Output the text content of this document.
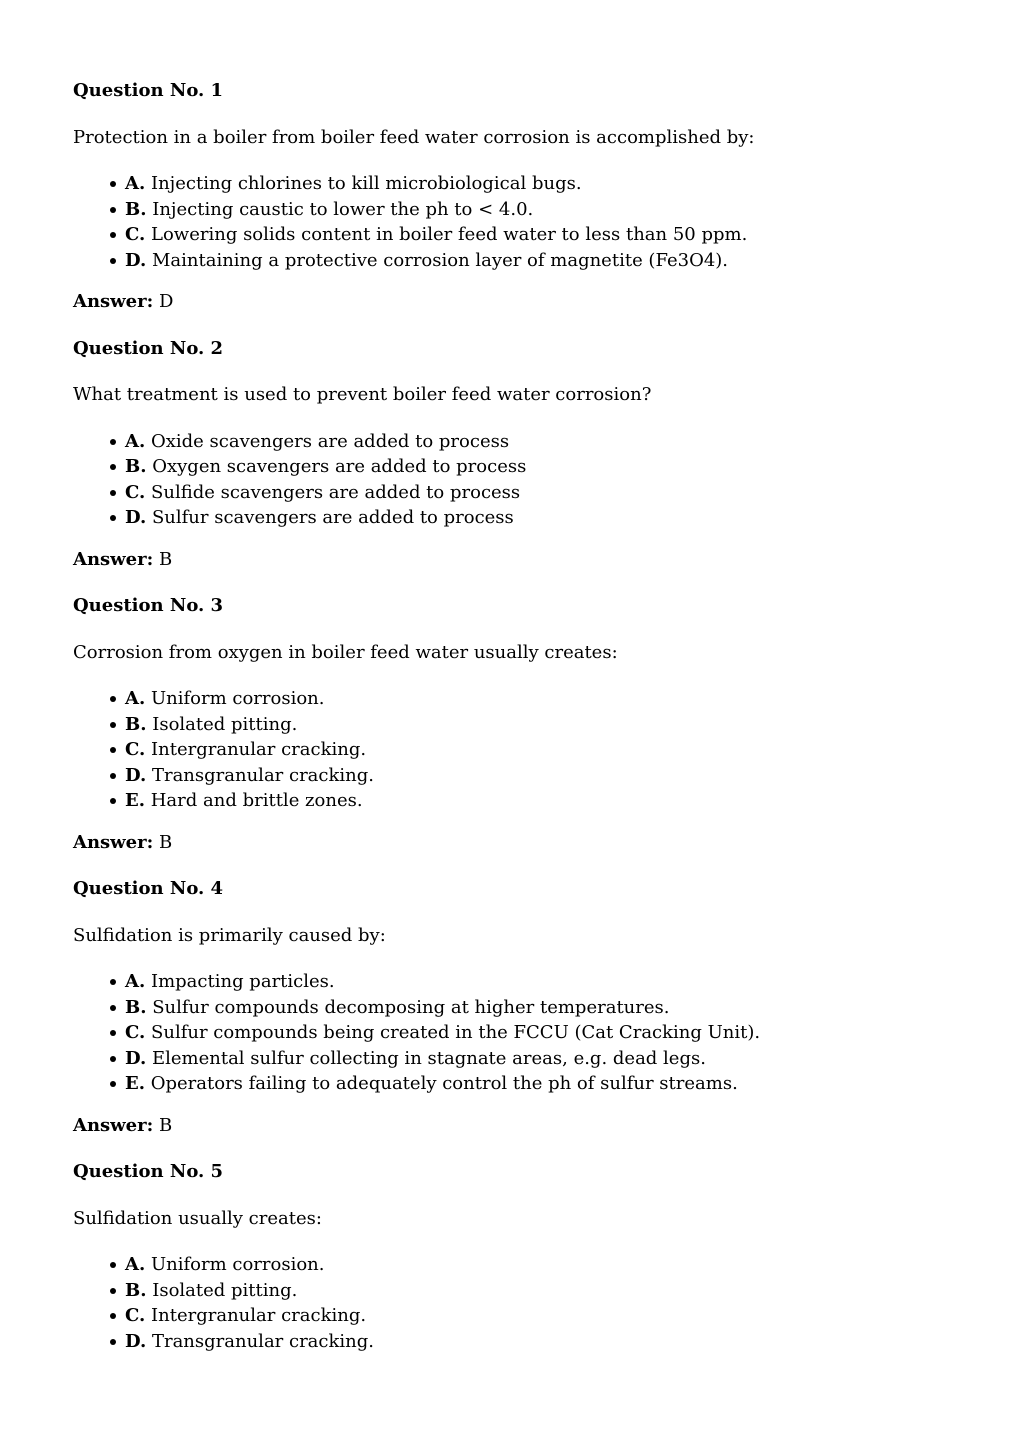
Question No. 1
Protection in a boiler from boiler feed water corrosion is accomplished by:
A. Injecting chlorines to kill microbiological bugs.
B. Injecting caustic to lower the ph to < 4.0.
C. Lowering solids content in boiler feed water to less than 50 ppm.
D. Maintaining a protective corrosion layer of magnetite (Fe3O4).
Answer: D
Question No. 2
What treatment is used to prevent boiler feed water corrosion?
A. Oxide scavengers are added to process
B. Oxygen scavengers are added to process
C. Sulfide scavengers are added to process
D. Sulfur scavengers are added to process
Answer: B
Question No. 3
Corrosion from oxygen in boiler feed water usually creates:
A. Uniform corrosion.
B. Isolated pitting.
C. Intergranular cracking.
D. Transgranular cracking.
E. Hard and brittle zones.
Answer: B
Question No. 4
Sulfidation is primarily caused by:
A. Impacting particles.
B. Sulfur compounds decomposing at higher temperatures.
C. Sulfur compounds being created in the FCCU (Cat Cracking Unit).
D. Elemental sulfur collecting in stagnate areas, e.g. dead legs.
E. Operators failing to adequately control the ph of sulfur streams.
Answer: B
Question No. 5
Sulfidation usually creates:
A. Uniform corrosion.
B. Isolated pitting.
C. Intergranular cracking.
D. Transgranular cracking.
